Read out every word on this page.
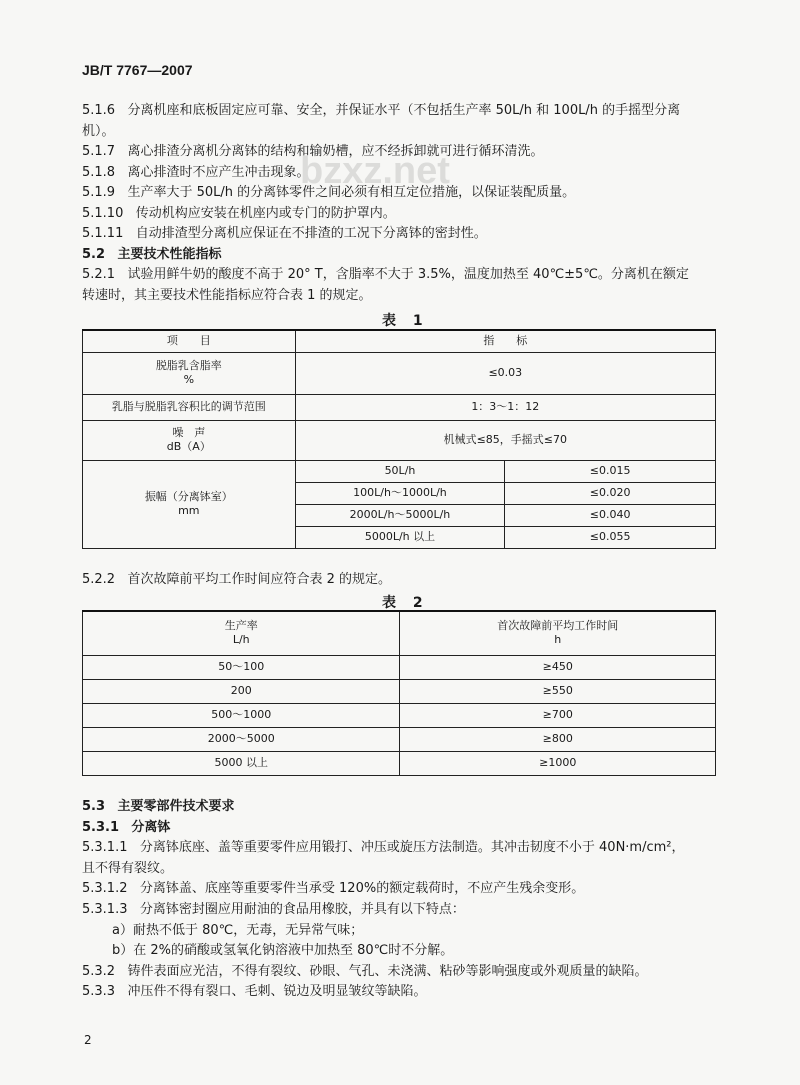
JB/T 7767—2007
bzxz.net
5.1.6 分离机座和底板固定应可靠、安全，并保证水平（不包括生产率 50L/h 和 100L/h 的手摇型分离
机）。
5.1.7 离心排渣分离机分离钵的结构和输奶槽，应不经拆卸就可进行循环清洗。
5.1.8 离心排渣时不应产生冲击现象。
5.1.9 生产率大于 50L/h 的分离钵零件之间必须有相互定位措施，以保证装配质量。
5.1.10 传动机构应安装在机座内或专门的防护罩内。
5.1.11 自动排渣型分离机应保证在不排渣的工况下分离钵的密封性。
5.2 主要技术性能指标
5.2.1 试验用鲜牛奶的酸度不高于 20° T，含脂率不大于 3.5%，温度加热至 40℃±5℃。分离机在额定
转速时，其主要技术性能指标应符合表 1 的规定。
表 1
项　　目	指　　标	
脱脂乳含脂率
%	≤0.03	
乳脂与脱脂乳容积比的调节范围	1：3～1：12	
噪　声
dB（A）	机械式≤85，手摇式≤70	
振幅（分离钵室）
mm	50L/h	≤0.015
	100L/h～1000L/h	≤0.020
	2000L/h～5000L/h	≤0.040
	5000L/h 以上	≤0.055
5.2.2 首次故障前平均工作时间应符合表 2 的规定。
表 2
生产率
L/h	首次故障前平均工作时间
h
50～100	≥450
200	≥550
500～1000	≥700
2000～5000	≥800
5000 以上	≥1000
5.3 主要零部件技术要求
5.3.1 分离钵
5.3.1.1 分离钵底座、盖等重要零件应用锻打、冲压或旋压方法制造。其冲击韧度不小于 40N·m/cm²，
且不得有裂纹。
5.3.1.2 分离钵盖、底座等重要零件当承受 120%的额定载荷时，不应产生残余变形。
5.3.1.3 分离钵密封圈应用耐油的食品用橡胶，并具有以下特点：
a）耐热不低于 80℃，无毒，无异常气味；
b）在 2%的硝酸或氢氧化钠溶液中加热至 80℃时不分解。
5.3.2 铸件表面应光洁，不得有裂纹、砂眼、气孔、未浇满、粘砂等影响强度或外观质量的缺陷。
5.3.3 冲压件不得有裂口、毛刺、锐边及明显皱纹等缺陷。
2
